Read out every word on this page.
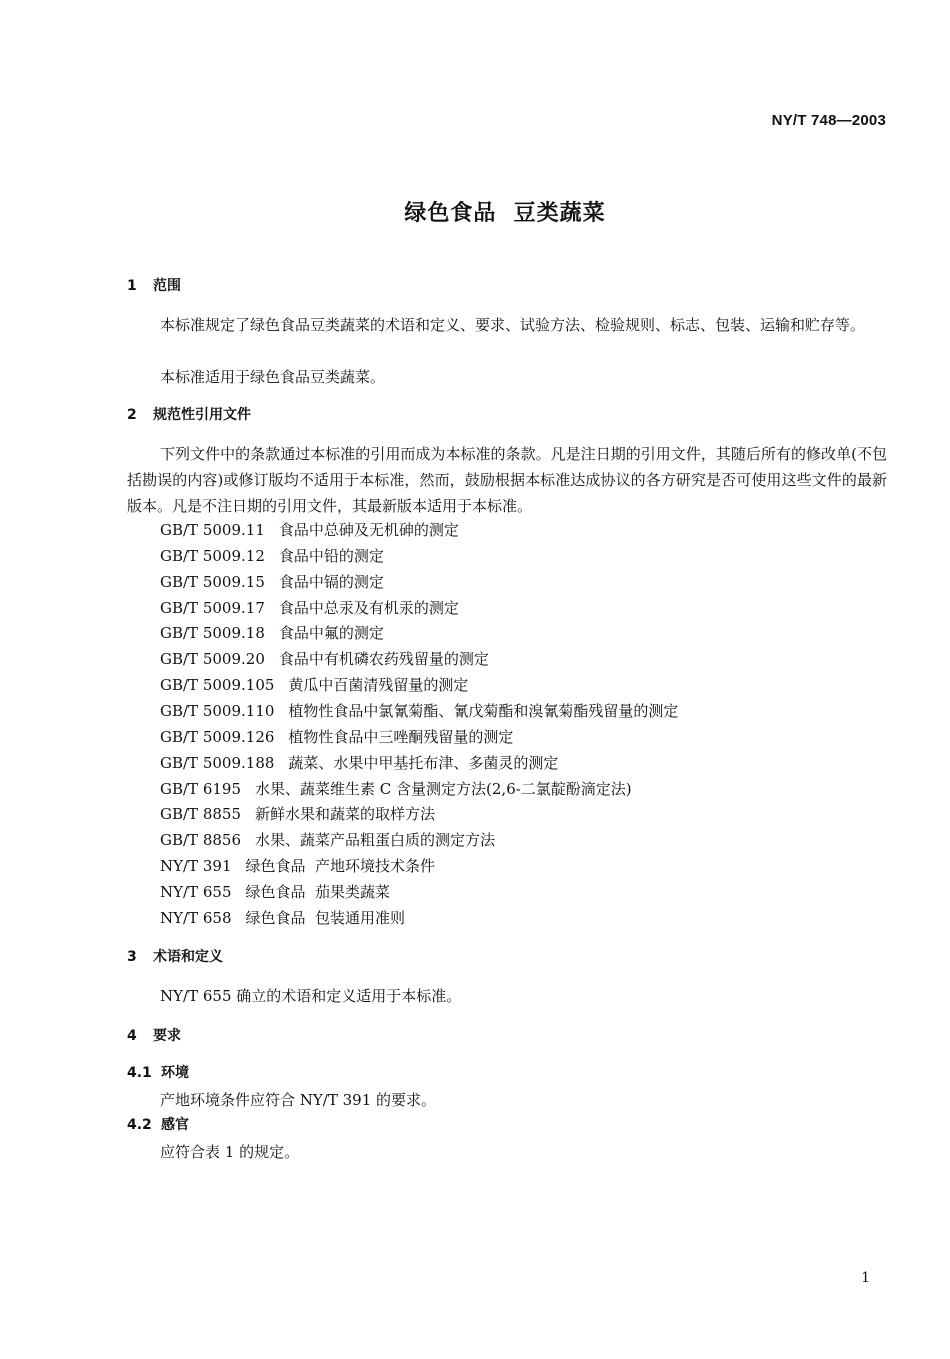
NY/T 748—2003
绿色食品  豆类蔬菜
1 范围
本标准规定了绿色食品豆类蔬菜的术语和定义、要求、试验方法、检验规则、标志、包装、运输和贮存等。
本标准适用于绿色食品豆类蔬菜。
2 规范性引用文件
下列文件中的条款通过本标准的引用而成为本标准的条款。凡是注日期的引用文件，其随后所有的修改单(不包括勘误的内容)或修订版均不适用于本标准，然而，鼓励根据本标准达成协议的各方研究是否可使用这些文件的最新版本。凡是不注日期的引用文件，其最新版本适用于本标准。
GB/T 5009.11 食品中总砷及无机砷的测定
GB/T 5009.12 食品中铅的测定
GB/T 5009.15 食品中镉的测定
GB/T 5009.17 食品中总汞及有机汞的测定
GB/T 5009.18 食品中氟的测定
GB/T 5009.20 食品中有机磷农药残留量的测定
GB/T 5009.105 黄瓜中百菌清残留量的测定
GB/T 5009.110 植物性食品中氯氰菊酯、氰戊菊酯和溴氰菊酯残留量的测定
GB/T 5009.126 植物性食品中三唑酮残留量的测定
GB/T 5009.188 蔬菜、水果中甲基托布津、多菌灵的测定
GB/T 6195 水果、蔬菜维生素 C 含量测定方法(2,6-二氯靛酚滴定法)
GB/T 8855 新鲜水果和蔬菜的取样方法
GB/T 8856 水果、蔬菜产品粗蛋白质的测定方法
NY/T 391 绿色食品  产地环境技术条件
NY/T 655 绿色食品  茄果类蔬菜
NY/T 658 绿色食品  包装通用准则
3 术语和定义
NY/T 655 确立的术语和定义适用于本标准。
4 要求
4.1 环境
产地环境条件应符合 NY/T 391 的要求。
4.2 感官
应符合表 1 的规定。
1
